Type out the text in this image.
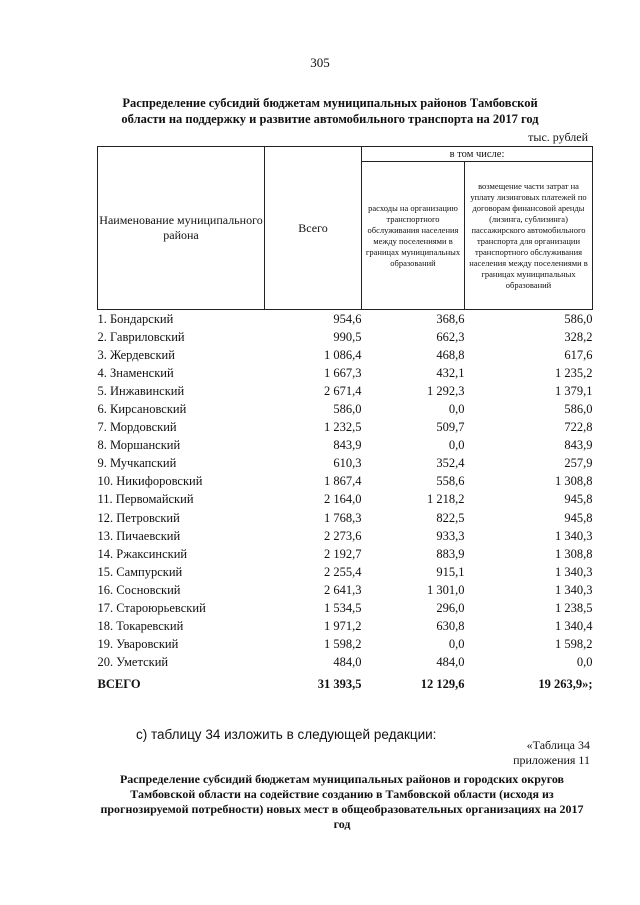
305
Распределение субсидий бюджетам муниципальных районов Тамбовской области на поддержку и развитие автомобильного транспорта на 2017 год
тыс. рублей
Наименование муниципального района	Всего	в том числе:	
		расходы на организацию транспортного обслуживания населения между поселениями в границах муниципальных образований	возмещение части затрат на уплату лизинговых платежей по договорам финансовой аренды (лизинга, сублизинга) пассажирского автомобильного транспорта для организации транспортного обслуживания населения между поселениями в границах муниципальных образований
1. Бондарский	954,6	368,6	586,0
2. Гавриловский	990,5	662,3	328,2
3. Жердевский	1 086,4	468,8	617,6
4. Знаменский	1 667,3	432,1	1 235,2
5. Инжавинский	2 671,4	1 292,3	1 379,1
6. Кирсановский	586,0	0,0	586,0
7. Мордовский	1 232,5	509,7	722,8
8. Моршанский	843,9	0,0	843,9
9. Мучкапский	610,3	352,4	257,9
10. Никифоровский	1 867,4	558,6	1 308,8
11. Первомайский	2 164,0	1 218,2	945,8
12. Петровский	1 768,3	822,5	945,8
13. Пичаевский	2 273,6	933,3	1 340,3
14. Ржаксинский	2 192,7	883,9	1 308,8
15. Сампурский	2 255,4	915,1	1 340,3
16. Сосновский	2 641,3	1 301,0	1 340,3
17. Староюрьевский	1 534,5	296,0	1 238,5
18. Токаревский	1 971,2	630,8	1 340,4
19. Уваровский	1 598,2	0,0	1 598,2
20. Уметский	484,0	484,0	0,0
ВСЕГО	31 393,5	12 129,6	19 263,9»;
с) таблицу 34 изложить в следующей редакции:
«Таблица 34
приложения 11
Распределение субсидий бюджетам муниципальных районов и городских округов Тамбовской области на содействие созданию в Тамбовской области (исходя из прогнозируемой потребности) новых мест в общеобразовательных организациях на 2017 год
